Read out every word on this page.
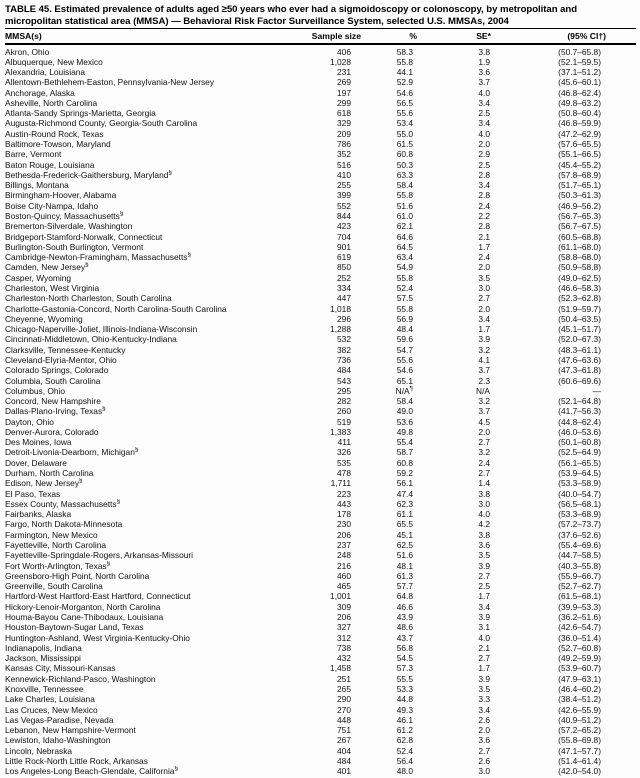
TABLE 45. Estimated prevalence of adults aged ≥50 years who ever had a sigmoidoscopy or colonoscopy, by metropolitan and micropolitan statistical area (MMSA) — Behavioral Risk Factor Surveillance System, selected U.S. MMSAs, 2004
MMSA(s)	Sample size	%	SE*	(95% CI†)
Akron, Ohio	406	58.3	3.8	(50.7–65.8)
Albuquerque, New Mexico	1,028	55.8	1.9	(52.1–59.5)
Alexandria, Louisiana	231	44.1	3.6	(37.1–51.2)
Allentown-Bethlehem-Easton, Pennsylvania-New Jersey	269	52.9	3.7	(45.6–60.1)
Anchorage, Alaska	197	54.6	4.0	(46.8–62.4)
Asheville, North Carolina	299	56.5	3.4	(49.8–63.2)
Atlanta-Sandy Springs-Marietta, Georgia	618	55.6	2.5	(50.8–60.4)
Augusta-Richmond County, Georgia-South Carolina	329	53.4	3.4	(46.8–59.9)
Austin-Round Rock, Texas	209	55.0	4.0	(47.2–62.9)
Baltimore-Towson, Maryland	786	61.5	2.0	(57.6–65.5)
Barre, Vermont	352	60.8	2.9	(55.1–66.5)
Baton Rouge, Louisiana	516	50.3	2.5	(45.4–55.2)
Bethesda-Frederick-Gaithersburg, Maryland§	410	63.3	2.8	(57.8–68.9)
Billings, Montana	255	58.4	3.4	(51.7–65.1)
Birmingham-Hoover, Alabama	399	55.8	2.8	(50.3–61.3)
Boise City-Nampa, Idaho	552	51.6	2.4	(46.9–56.2)
Boston-Quincy, Massachusetts§	844	61.0	2.2	(56.7–65.3)
Bremerton-Silverdale, Washington	423	62.1	2.8	(56.7–67.5)
Bridgeport-Stamford-Norwalk, Connecticut	704	64.6	2.1	(60.5–68.8)
Burlington-South Burlington, Vermont	901	64.5	1.7	(61.1–68.0)
Cambridge-Newton-Framingham, Massachusetts§	619	63.4	2.4	(58.8–68.0)
Camden, New Jersey§	850	54.9	2.0	(50.9–58.8)
Casper, Wyoming	252	55.8	3.5	(49.0–62.5)
Charleston, West Virginia	334	52.4	3.0	(46.6–58.3)
Charleston-North Charleston, South Carolina	447	57.5	2.7	(52.3–62.8)
Charlotte-Gastonia-Concord, North Carolina-South Carolina	1,018	55.8	2.0	(51.9–59.7)
Cheyenne, Wyoming	296	56.9	3.4	(50.4–63.5)
Chicago-Naperville-Joliet, Illinois-Indiana-Wisconsin	1,288	48.4	1.7	(45.1–51.7)
Cincinnati-Middletown, Ohio-Kentucky-Indiana	532	59.6	3.9	(52.0–67.3)
Clarksville, Tennessee-Kentucky	382	54.7	3.2	(48.3–61.1)
Cleveland-Elyria-Mentor, Ohio	736	55.6	4.1	(47.6–63.6)
Colorado Springs, Colorado	484	54.6	3.7	(47.3–61.8)
Columbia, South Carolina	543	65.1	2.3	(60.6–69.6)
Columbus, Ohio	295	N/A¶	N/A	—
Concord, New Hampshire	282	58.4	3.2	(52.1–64.8)
Dallas-Plano-Irving, Texas§	260	49.0	3.7	(41.7–56.3)
Dayton, Ohio	519	53.6	4.5	(44.8–62.4)
Denver-Aurora, Colorado	1,383	49.8	2.0	(46.0–53.6)
Des Moines, Iowa	411	55.4	2.7	(50.1–60.8)
Detroit-Livonia-Dearborn, Michigan§	326	58.7	3.2	(52.5–64.9)
Dover, Delaware	535	60.8	2.4	(56.1–65.5)
Durham, North Carolina	478	59.2	2.7	(53.9–64.5)
Edison, New Jersey§	1,711	56.1	1.4	(53.3–58.9)
El Paso, Texas	223	47.4	3.8	(40.0–54.7)
Essex County, Massachusetts§	443	62.3	3.0	(56.5–68.1)
Fairbanks, Alaska	178	61.1	4.0	(53.3–68.9)
Fargo, North Dakota-Minnesota	230	65.5	4.2	(57.2–73.7)
Farmington, New Mexico	206	45.1	3.8	(37.6–52.6)
Fayetteville, North Carolina	237	62.5	3.6	(55.4–69.6)
Fayetteville-Springdale-Rogers, Arkansas-Missouri	248	51.6	3.5	(44.7–58.5)
Fort Worth-Arlington, Texas§	216	48.1	3.9	(40.3–55.8)
Greensboro-High Point, North Carolina	460	61.3	2.7	(55.9–66.7)
Greenville, South Carolina	465	57.7	2.5	(52.7–62.7)
Hartford-West Hartford-East Hartford, Connecticut	1,001	64.8	1.7	(61.5–68.1)
Hickory-Lenoir-Morganton, North Carolina	309	46.6	3.4	(39.9–53.3)
Houma-Bayou Cane-Thibodaux, Louisiana	206	43.9	3.9	(36.2–51.6)
Houston-Baytown-Sugar Land, Texas	327	48.6	3.1	(42.6–54.7)
Huntington-Ashland, West Virginia-Kentucky-Ohio	312	43.7	4.0	(36.0–51.4)
Indianapolis, Indiana	738	56.8	2.1	(52.7–60.8)
Jackson, Mississippi	432	54.5	2.7	(49.2–59.9)
Kansas City, Missouri-Kansas	1,458	57.3	1.7	(53.9–60.7)
Kennewick-Richland-Pasco, Washington	251	55.5	3.9	(47.9–63.1)
Knoxville, Tennessee	265	53.3	3.5	(46.4–60.2)
Lake Charles, Louisiana	290	44.8	3.3	(38.4–51.2)
Las Cruces, New Mexico	270	49.3	3.4	(42.6–55.9)
Las Vegas-Paradise, Nevada	448	46.1	2.6	(40.9–51.2)
Lebanon, New Hampshire-Vermont	751	61.2	2.0	(57.2–65.2)
Lewiston, Idaho-Washington	267	62.8	3.6	(55.8–69.8)
Lincoln, Nebraska	404	52.4	2.7	(47.1–57.7)
Little Rock-North Little Rock, Arkansas	484	56.4	2.6	(51.4–61.4)
Los Angeles-Long Beach-Glendale, California§	401	48.0	3.0	(42.0–54.0)
